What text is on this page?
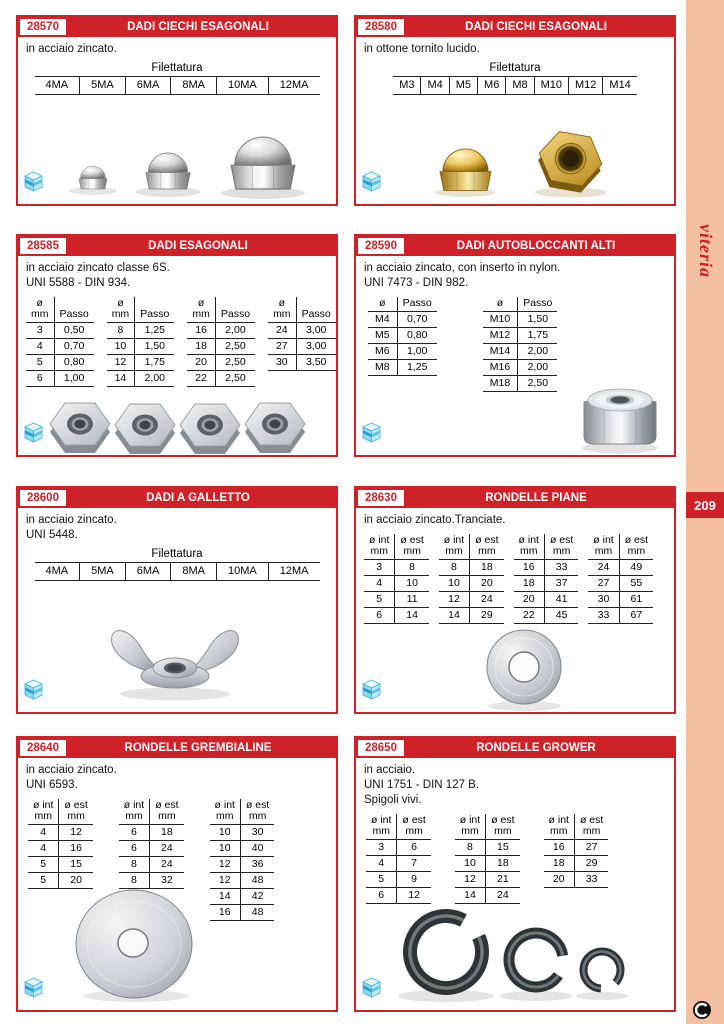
viteria
209
28570	DADI CIECHI ESAGONALI
in acciaio zincato.
Filettatura
4MA	5MA	6MA	8MA	10MA	12MA
28580	DADI CIECHI ESAGONALI
in ottone tornito lucido.
Filettatura
M3	M4	M5	M6	M8	M10	M12	M14
28585	DADI ESAGONALI
in acciaio zincato classe 6S.
UNI 5588 - DIN 934.
ø
mm	Passo
3	0,50
4	0,70
5	0,80
6	1,00
ø
mm	Passo
8	1,25
10	1,50
12	1,75
14	2,00
ø
mm	Passo
16	2,00
18	2,50
20	2,50
22	2,50
ø
mm	Passo
24	3,00
27	3,00
30	3,50
28590	DADI AUTOBLOCCANTI ALTI
in acciaio zincato, con inserto in nylon.
UNI 7473 - DIN 982.
ø	Passo
M4	0,70
M5	0,80
M6	1,00
M8	1,25
ø	Passo
M10	1,50
M12	1,75
M14	2,00
M16	2,00
M18	2,50
28600	DADI A GALLETTO
in acciaio zincato.
UNI 5448.
Filettatura
4MA	5MA	6MA	8MA	10MA	12MA
28630	RONDELLE PIANE
in acciaio zincato.Tranciate.
ø int
mm	ø est
mm
3	8
4	10
5	11
6	14
ø int
mm	ø est
mm
8	18
10	20
12	24
14	29
ø int
mm	ø est
mm
16	33
18	37
20	41
22	45
ø int
mm	ø est
mm
24	49
27	55
30	61
33	67
28640	RONDELLE GREMBIALINE
in acciaio zincato.
UNI 6593.
ø int
mm	ø est
mm
4	12
4	16
5	15
5	20
ø int
mm	ø est
mm
6	18
6	24
8	24
8	32
ø int
mm	ø est
mm
10	30
10	40
12	36
12	48
14	42
16	48
28650	RONDELLE GROWER
in acciaio.
UNI 1751 - DIN 127 B.
Spigoli vivi.
ø int
mm	ø est
mm
3	6
4	7
5	9
6	12
ø int
mm	ø est
mm
8	15
10	18
12	21
14	24
ø int
mm	ø est
mm
16	27
18	29
20	33
